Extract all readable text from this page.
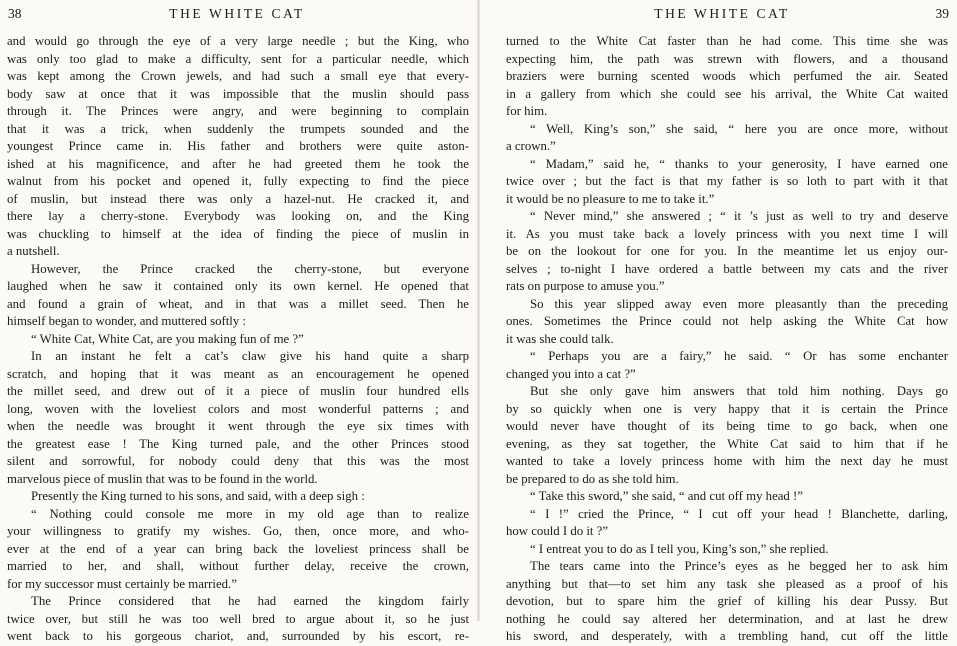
38	THE WHITE CAT
and would go through the eye of a very large needle ; but the King, who
was only too glad to make a difficulty, sent for a particular needle, which
was kept among the Crown jewels, and had such a small eye that every-
body saw at once that it was impossible that the muslin should pass
through it. The Princes were angry, and were beginning to complain
that it was a trick, when suddenly the trumpets sounded and the
youngest Prince came in. His father and brothers were quite aston-
ished at his magnificence, and after he had greeted them he took the
walnut from his pocket and opened it, fully expecting to find the piece
of muslin, but instead there was only a hazel-nut. He cracked it, and
there lay a cherry-stone. Everybody was looking on, and the King
was chuckling to himself at the idea of finding the piece of muslin in
a nutshell.
However, the Prince cracked the cherry-stone, but everyone
laughed when he saw it contained only its own kernel. He opened that
and found a grain of wheat, and in that was a millet seed. Then he
himself began to wonder, and muttered softly :
“ White Cat, White Cat, are you making fun of me ?”
In an instant he felt a cat’s claw give his hand quite a sharp
scratch, and hoping that it was meant as an encouragement he opened
the millet seed, and drew out of it a piece of muslin four hundred ells
long, woven with the loveliest colors and most wonderful patterns ; and
when the needle was brought it went through the eye six times with
the greatest ease ! The King turned pale, and the other Princes stood
silent and sorrowful, for nobody could deny that this was the most
marvelous piece of muslin that was to be found in the world.
Presently the King turned to his sons, and said, with a deep sigh :
“ Nothing could console me more in my old age than to realize
your willingness to gratify my wishes. Go, then, once more, and who-
ever at the end of a year can bring back the loveliest princess shall be
married to her, and shall, without further delay, receive the crown,
for my successor must certainly be married.”
The Prince considered that he had earned the kingdom fairly
twice over, but still he was too well bred to argue about it, so he just
went back to his gorgeous chariot, and, surrounded by his escort, re-
THE WHITE CAT	39
turned to the White Cat faster than he had come. This time she was
expecting him, the path was strewn with flowers, and a thousand
braziers were burning scented woods which perfumed the air. Seated
in a gallery from which she could see his arrival, the White Cat waited
for him.
“ Well, King’s son,” she said, “ here you are once more, without
a crown.”
“ Madam,” said he, “ thanks to your generosity, I have earned one
twice over ; but the fact is that my father is so loth to part with it that
it would be no pleasure to me to take it.”
“ Never mind,” she answered ; “ it ’s just as well to try and deserve
it. As you must take back a lovely princess with you next time I will
be on the lookout for one for you. In the meantime let us enjoy our-
selves ; to-night I have ordered a battle between my cats and the river
rats on purpose to amuse you.”
So this year slipped away even more pleasantly than the preceding
ones. Sometimes the Prince could not help asking the White Cat how
it was she could talk.
“ Perhaps you are a fairy,” he said. “ Or has some enchanter
changed you into a cat ?”
But she only gave him answers that told him nothing. Days go
by so quickly when one is very happy that it is certain the Prince
would never have thought of its being time to go back, when one
evening, as they sat together, the White Cat said to him that if he
wanted to take a lovely princess home with him the next day he must
be prepared to do as she told him.
“ Take this sword,” she said, “ and cut off my head !”
“ I !” cried the Prince, “ I cut off your head ! Blanchette, darling,
how could I do it ?”
“ I entreat you to do as I tell you, King’s son,” she replied.
The tears came into the Prince’s eyes as he begged her to ask him
anything but that—to set him any task she pleased as a proof of his
devotion, but to spare him the grief of killing his dear Pussy. But
nothing he could say altered her determination, and at last he drew
his sword, and desperately, with a trembling hand, cut off the little
